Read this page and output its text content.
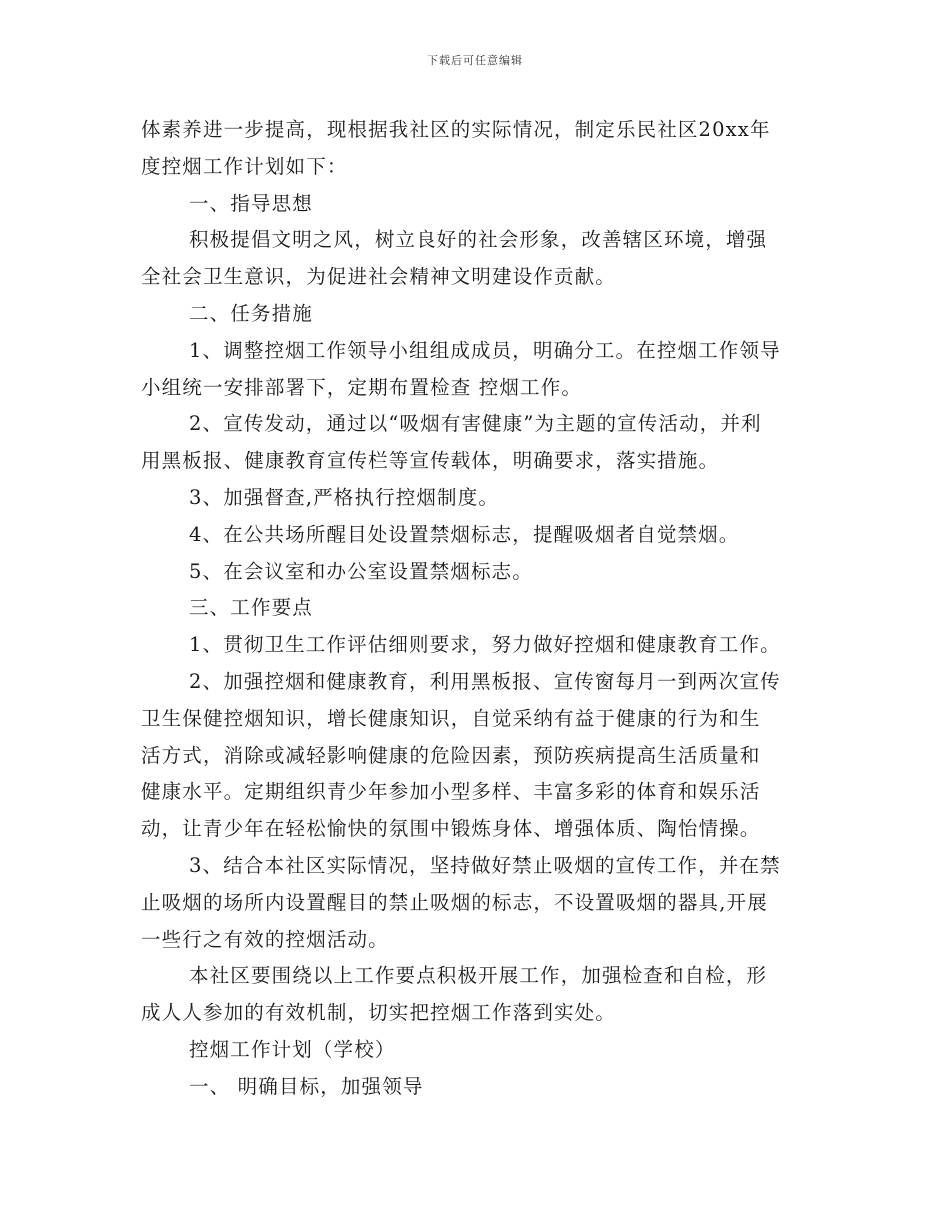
下载后可任意编辑
体素养进一步提高，现根据我社区的实际情况，制定乐民社区20xx年
度控烟工作计划如下：
一、指导思想
积极提倡文明之风，树立良好的社会形象，改善辖区环境，增强
全社会卫生意识，为促进社会精神文明建设作贡献。
二、任务措施
1、调整控烟工作领导小组组成成员，明确分工。在控烟工作领导
小组统一安排部署下，定期布置检查 控烟工作。
2、宣传发动，通过以“吸烟有害健康”为主题的宣传活动，并利
用黑板报、健康教育宣传栏等宣传载体，明确要求，落实措施。
3、加强督查,严格执行控烟制度。
4、在公共场所醒目处设置禁烟标志，提醒吸烟者自觉禁烟。
5、在会议室和办公室设置禁烟标志。
三、工作要点
1、贯彻卫生工作评估细则要求，努力做好控烟和健康教育工作。
2、加强控烟和健康教育，利用黑板报、宣传窗每月一到两次宣传
卫生保健控烟知识，增长健康知识，自觉采纳有益于健康的行为和生
活方式，消除或减轻影响健康的危险因素，预防疾病提高生活质量和
健康水平。定期组织青少年参加小型多样、丰富多彩的体育和娱乐活
动，让青少年在轻松愉快的氛围中锻炼身体、增强体质、陶怡情操。
3、结合本社区实际情况，坚持做好禁止吸烟的宣传工作，并在禁
止吸烟的场所内设置醒目的禁止吸烟的标志，不设置吸烟的器具,开展
一些行之有效的控烟活动。
本社区要围绕以上工作要点积极开展工作，加强检查和自检，形
成人人参加的有效机制，切实把控烟工作落到实处。
控烟工作计划（学校）
一、 明确目标，加强领导
